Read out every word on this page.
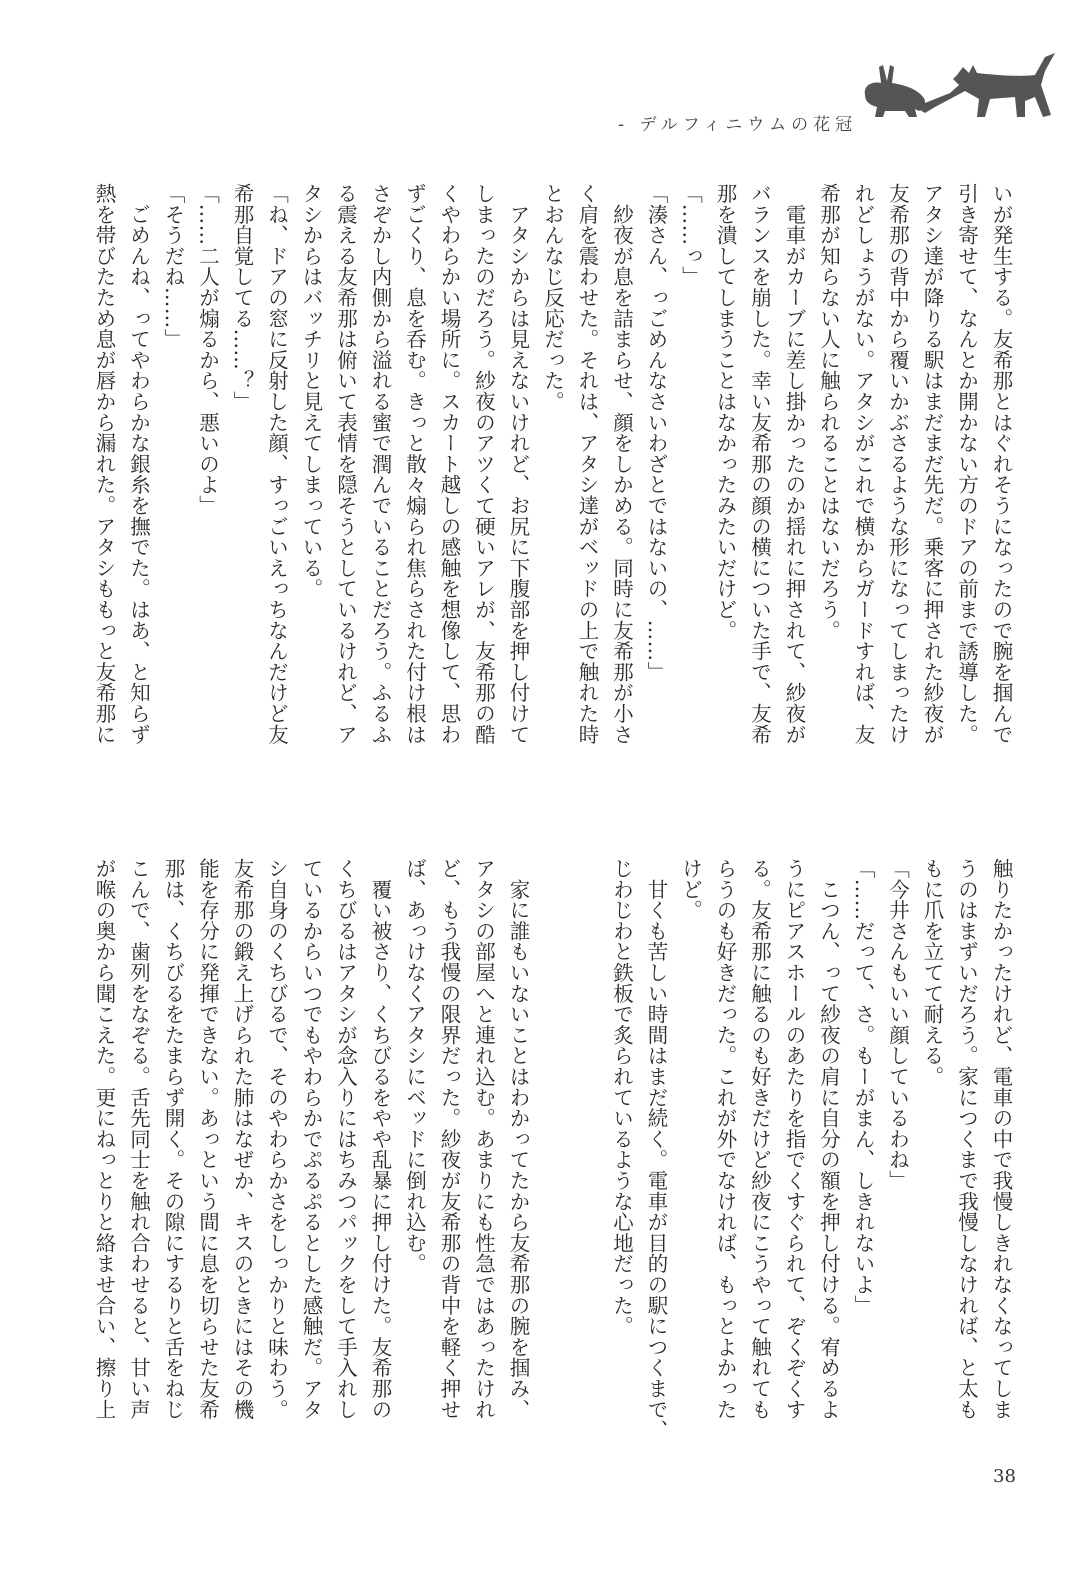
- デルフィニウムの花冠
いが発生する。友希那とはぐれそうになったので腕を掴んで
引き寄せて、なんとか開かない方のドアの前まで誘導した。
アタシ達が降りる駅はまだまだ先だ。乗客に押された紗夜が
友希那の背中から覆いかぶさるような形になってしまったけ
れどしょうがない。アタシがこれで横からガードすれば、友
希那が知らない人に触られることはないだろう。
　電車がカーブに差し掛かったのか揺れに押されて、紗夜が
バランスを崩した。幸い友希那の顔の横についた手で、友希
那を潰してしまうことはなかったみたいだけど。
「……っ」
「湊さん、っごめんなさいわざとではないの、……」
　紗夜が息を詰まらせ、顔をしかめる。同時に友希那が小さ
く肩を震わせた。それは、アタシ達がベッドの上で触れた時
とおんなじ反応だった。
　アタシからは見えないけれど、お尻に下腹部を押し付けて
しまったのだろう。紗夜のアツくて硬いアレが、友希那の酷
くやわらかい場所に。スカート越しの感触を想像して、思わ
ずごくり、息を呑む。きっと散々煽られ焦らされた付け根は
さぞかし内側から溢れる蜜で潤んでいることだろう。ふるふ
る震える友希那は俯いて表情を隠そうとしているけれど、ア
タシからはバッチリと見えてしまっている。
「ね、ドアの窓に反射した顔、すっごいえっちなんだけど友
希那自覚してる……？」
「……二人が煽るから、悪いのよ」
「そうだね……」
　ごめんね、ってやわらかな銀糸を撫でた。はあ、と知らず
熱を帯びたため息が唇から漏れた。アタシももっと友希那に
触りたかったけれど、電車の中で我慢しきれなくなってしま
うのはまずいだろう。家につくまで我慢しなければ、と太も
もに爪を立てて耐える。
「今井さんもいい顔しているわね」
「……だって、さ。もーがまん、しきれないよ」
　こつん、って紗夜の肩に自分の額を押し付ける。宥めるよ
うにピアスホールのあたりを指でくすぐられて、ぞくぞくす
る。友希那に触るのも好きだけど紗夜にこうやって触れても
らうのも好きだった。これが外でなければ、もっとよかった
けど。
　甘くも苦しい時間はまだ続く。電車が目的の駅につくまで、
じわじわと鉄板で炙られているような心地だった。
　家に誰もいないことはわかってたから友希那の腕を掴み、
アタシの部屋へと連れ込む。あまりにも性急ではあったけれ
ど、もう我慢の限界だった。紗夜が友希那の背中を軽く押せ
ば、あっけなくアタシにベッドに倒れ込む。
　覆い被さり、くちびるをやや乱暴に押し付けた。友希那の
くちびるはアタシが念入りにはちみつパックをして手入れし
ているからいつでもやわらかでぷるぷるとした感触だ。アタ
シ自身のくちびるで、そのやわらかさをしっかりと味わう。
友希那の鍛え上げられた肺はなぜか、キスのときにはその機
能を存分に発揮できない。あっという間に息を切らせた友希
那は、くちびるをたまらず開く。その隙にするりと舌をねじ
こんで、歯列をなぞる。舌先同士を触れ合わせると、甘い声
が喉の奥から聞こえた。更にねっとりと絡ませ合い、擦り上
38
